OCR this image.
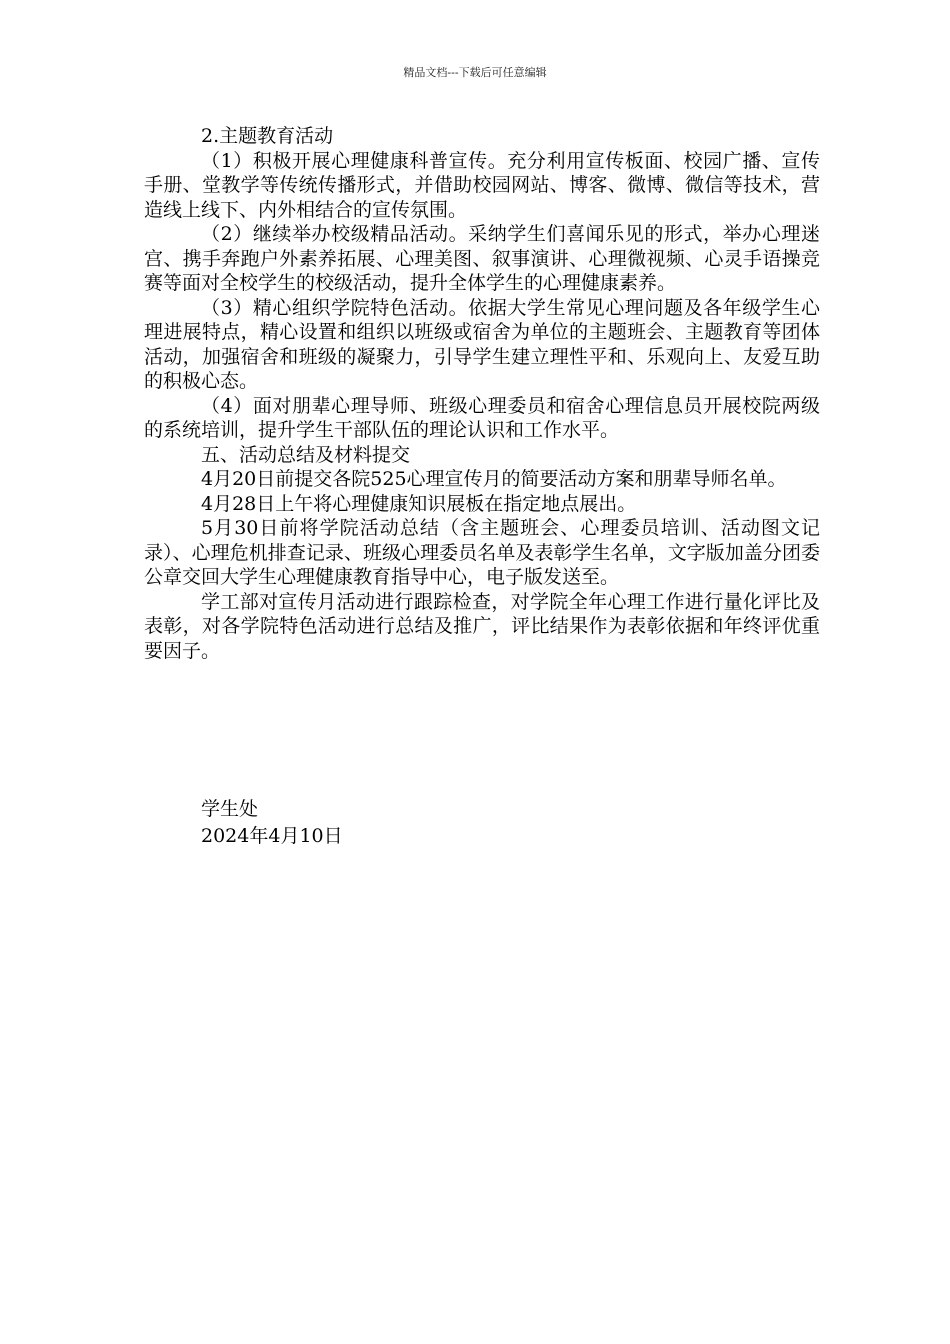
精品文档---下载后可任意编辑

2.主题教育活动

（1）积极开展心理健康科普宣传。充分利用宣传板面、校园广播、宣传手册、堂教学等传统传播形式，并借助校园网站、博客、微博、微信等技术，营造线上线下、内外相结合的宣传氛围。

（2）继续举办校级精品活动。采纳学生们喜闻乐见的形式，举办心理迷宫、携手奔跑户外素养拓展、心理美图、叙事演讲、心理微视频、心灵手语操竞赛等面对全校学生的校级活动，提升全体学生的心理健康素养。

（3）精心组织学院特色活动。依据大学生常见心理问题及各年级学生心理进展特点，精心设置和组织以班级或宿舍为单位的主题班会、主题教育等团体活动，加强宿舍和班级的凝聚力，引导学生建立理性平和、乐观向上、友爱互助的积极心态。

（4）面对朋辈心理导师、班级心理委员和宿舍心理信息员开展校院两级的系统培训，提升学生干部队伍的理论认识和工作水平。

五、活动总结及材料提交

4月20日前提交各院525心理宣传月的简要活动方案和朋辈导师名单。

4月28日上午将心理健康知识展板在指定地点展出。

5月30日前将学院活动总结（含主题班会、心理委员培训、活动图文记录）、心理危机排查记录、班级心理委员名单及表彰学生名单，文字版加盖分团委公章交回大学生心理健康教育指导中心，电子版发送至。

学工部对宣传月活动进行跟踪检查，对学院全年心理工作进行量化评比及表彰，对各学院特色活动进行总结及推广，评比结果作为表彰依据和年终评优重要因子。

学生处

2024年4月10日
